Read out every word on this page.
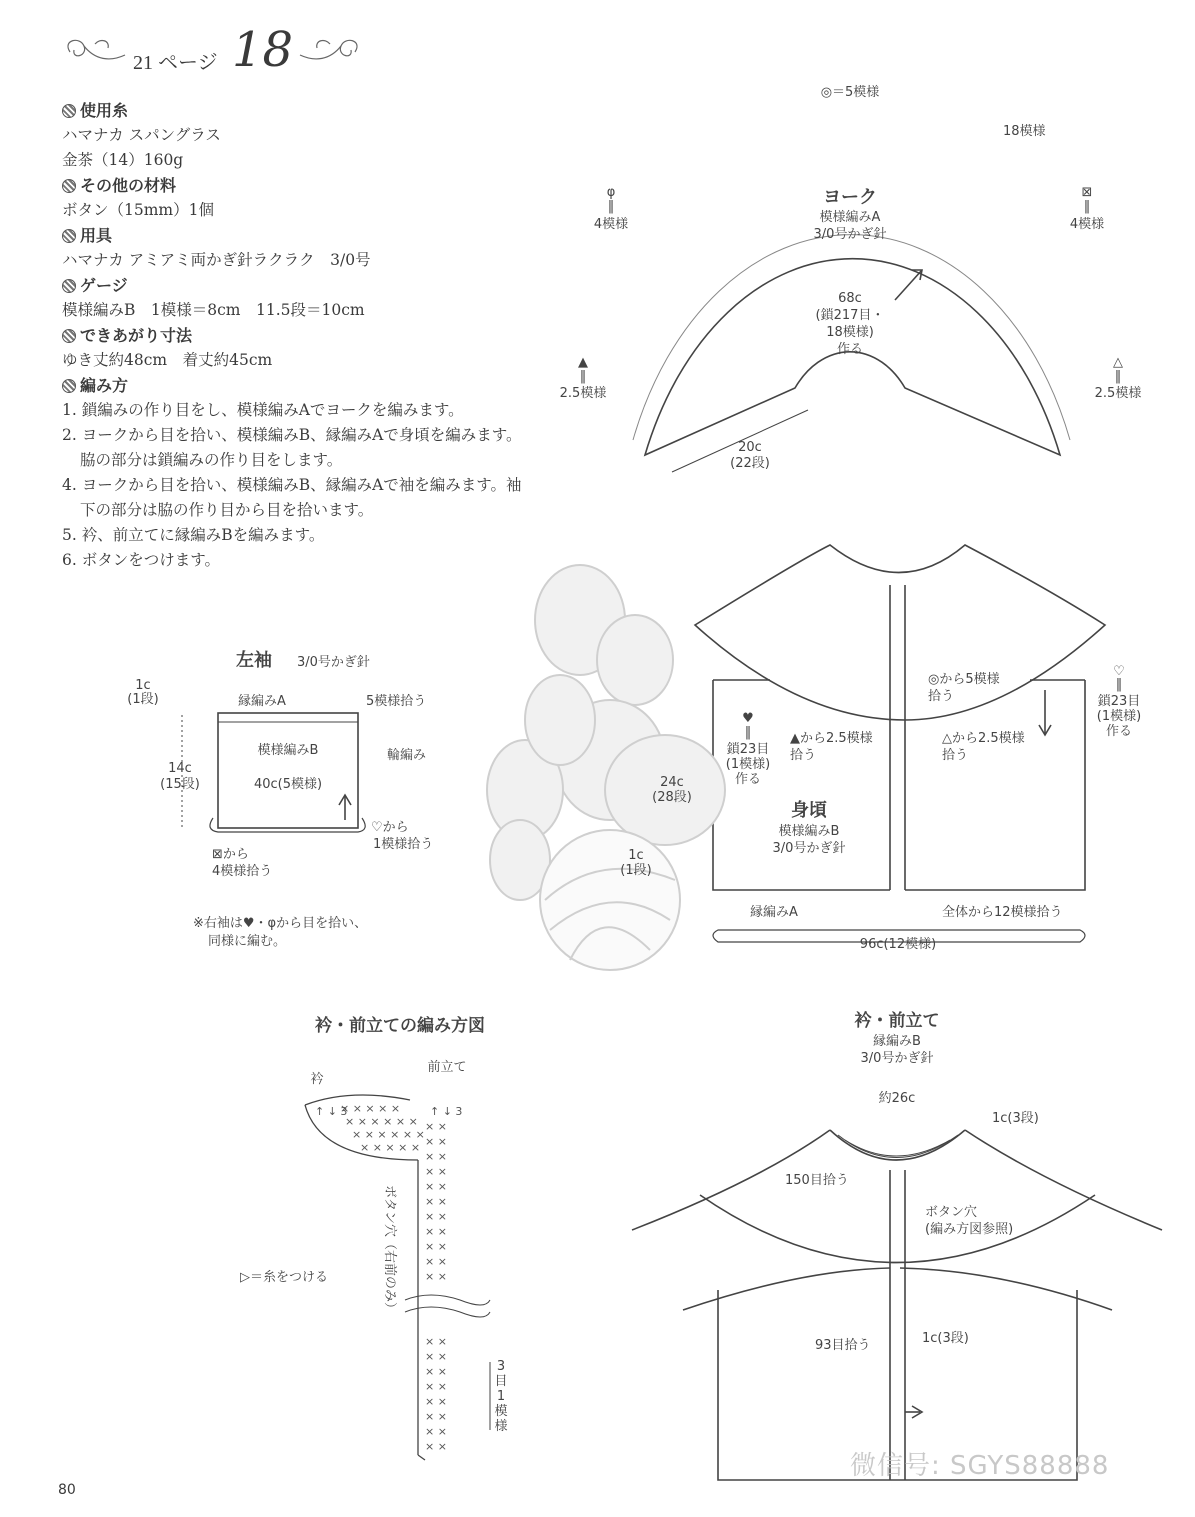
21 ページ 18
使用糸
ハマナカ スパングラス
金茶（14）160g
その他の材料
ボタン（15mm）1個
用具
ハマナカ アミアミ両かぎ針ラクラク　3/0号
ゲージ
模様編みB　1模様＝8cm　11.5段＝10cm
できあがり寸法
ゆき丈約48cm　着丈約45cm
編み方
1. 鎖編みの作り目をし、模様編みAでヨークを編みます。
2. ヨークから目を拾い、模様編みB、縁編みAで身頃を編みます。脇の部分は鎖編みの作り目をします。
4. ヨークから目を拾い、模様編みB、縁編みAで袖を編みます。袖下の部分は脇の作り目から目を拾います。
5. 衿、前立てに縁編みBを編みます。
6. ボタンをつけます。
× × × × ×
× × × × × ×
× × × × × ×
× × × × ×
× ×
× ×
× ×
× ×
× ×
× ×
× ×
× ×
× ×
× ×
× ×
× ×
× ×
× ×
× ×
× ×
× ×
× ×
× ×
↑ ↓ 3	↑ ↓ 3
◎＝5模様
18模様
ヨーク
模様編みA
3/0号かぎ針
φ
‖
4模様
⊠
‖
4模様
▲
‖
2.5模様
△
‖
2.5模様
68c
(鎖217目・
18模様)
作る
20c
(22段)
身頃
模様編みB
3/0号かぎ針
◎から5模様
拾う
♡
‖
鎖23目
(1模様)
作る
♥
‖
鎖23目
(1模様)
作る
▲から2.5模様
拾う
△から2.5模様
拾う
24c
(28段)
1c
(1段)
縁編みA	全体から12模様拾う
96c(12模様)
左袖 3/0号かぎ針
1c
(1段)	縁編みA	5模様拾う
模様編みB	輪編み
14c
(15段)	40c(5模様)
♡から
1模様拾う
⊠から
4模様拾う
※右袖は♥・φから目を拾い、
同様に編む。
衿・前立ての編み方図
前立て
衿
ボタン穴（右前のみ）
▷＝糸をつける
3
目
1
模
様
衿・前立て
縁編みB
3/0号かぎ針
約26c
1c(3段)
150目拾う
ボタン穴
(編み方図参照)
93目拾う	1c(3段)
微信号: SGYS88888
80
